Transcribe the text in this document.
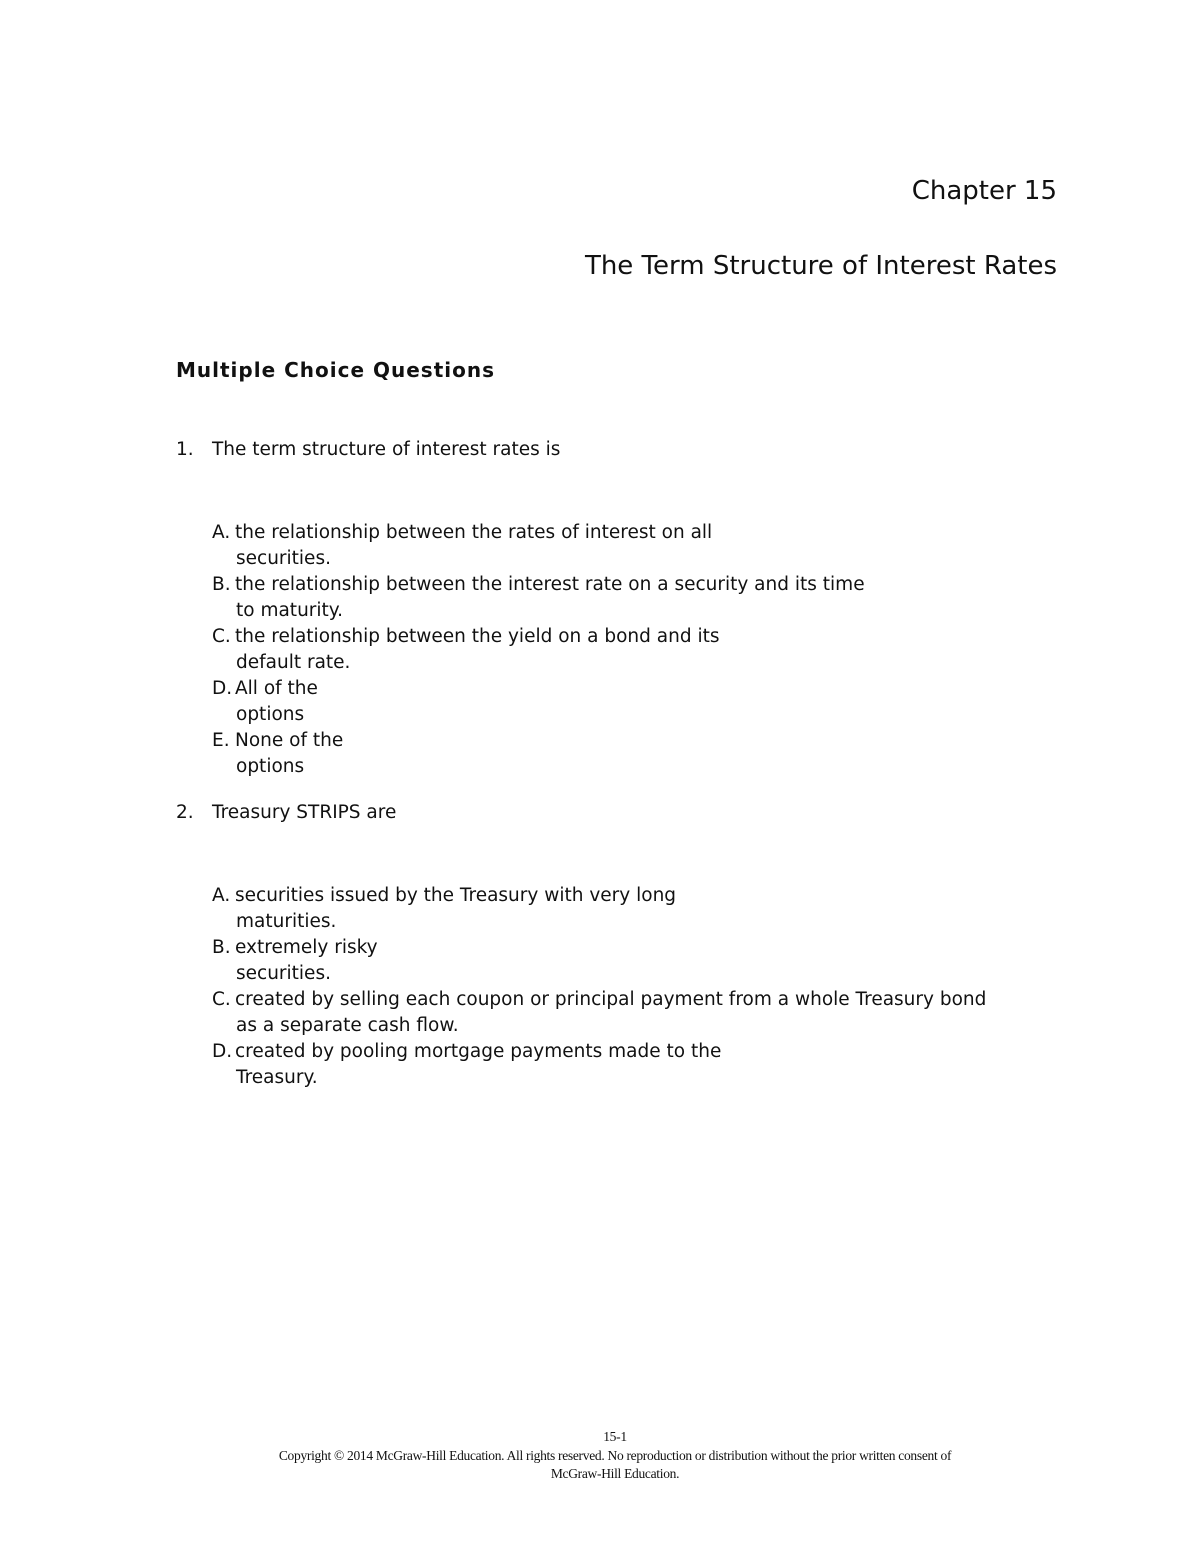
Chapter 15
The Term Structure of Interest Rates
Multiple Choice Questions
1. The term structure of interest rates is
A. the relationship between the rates of interest on all
securities.
B. the relationship between the interest rate on a security and its time
to maturity.
C. the relationship between the yield on a bond and its
default rate.
D. All of the
options
E. None of the
options
2. Treasury STRIPS are
A. securities issued by the Treasury with very long
maturities.
B. extremely risky
securities.
C. created by selling each coupon or principal payment from a whole Treasury bond
as a separate cash flow.
D. created by pooling mortgage payments made to the
Treasury.
15-1
Copyright © 2014 McGraw-Hill Education. All rights reserved. No reproduction or distribution without the prior written consent of
McGraw-Hill Education.
